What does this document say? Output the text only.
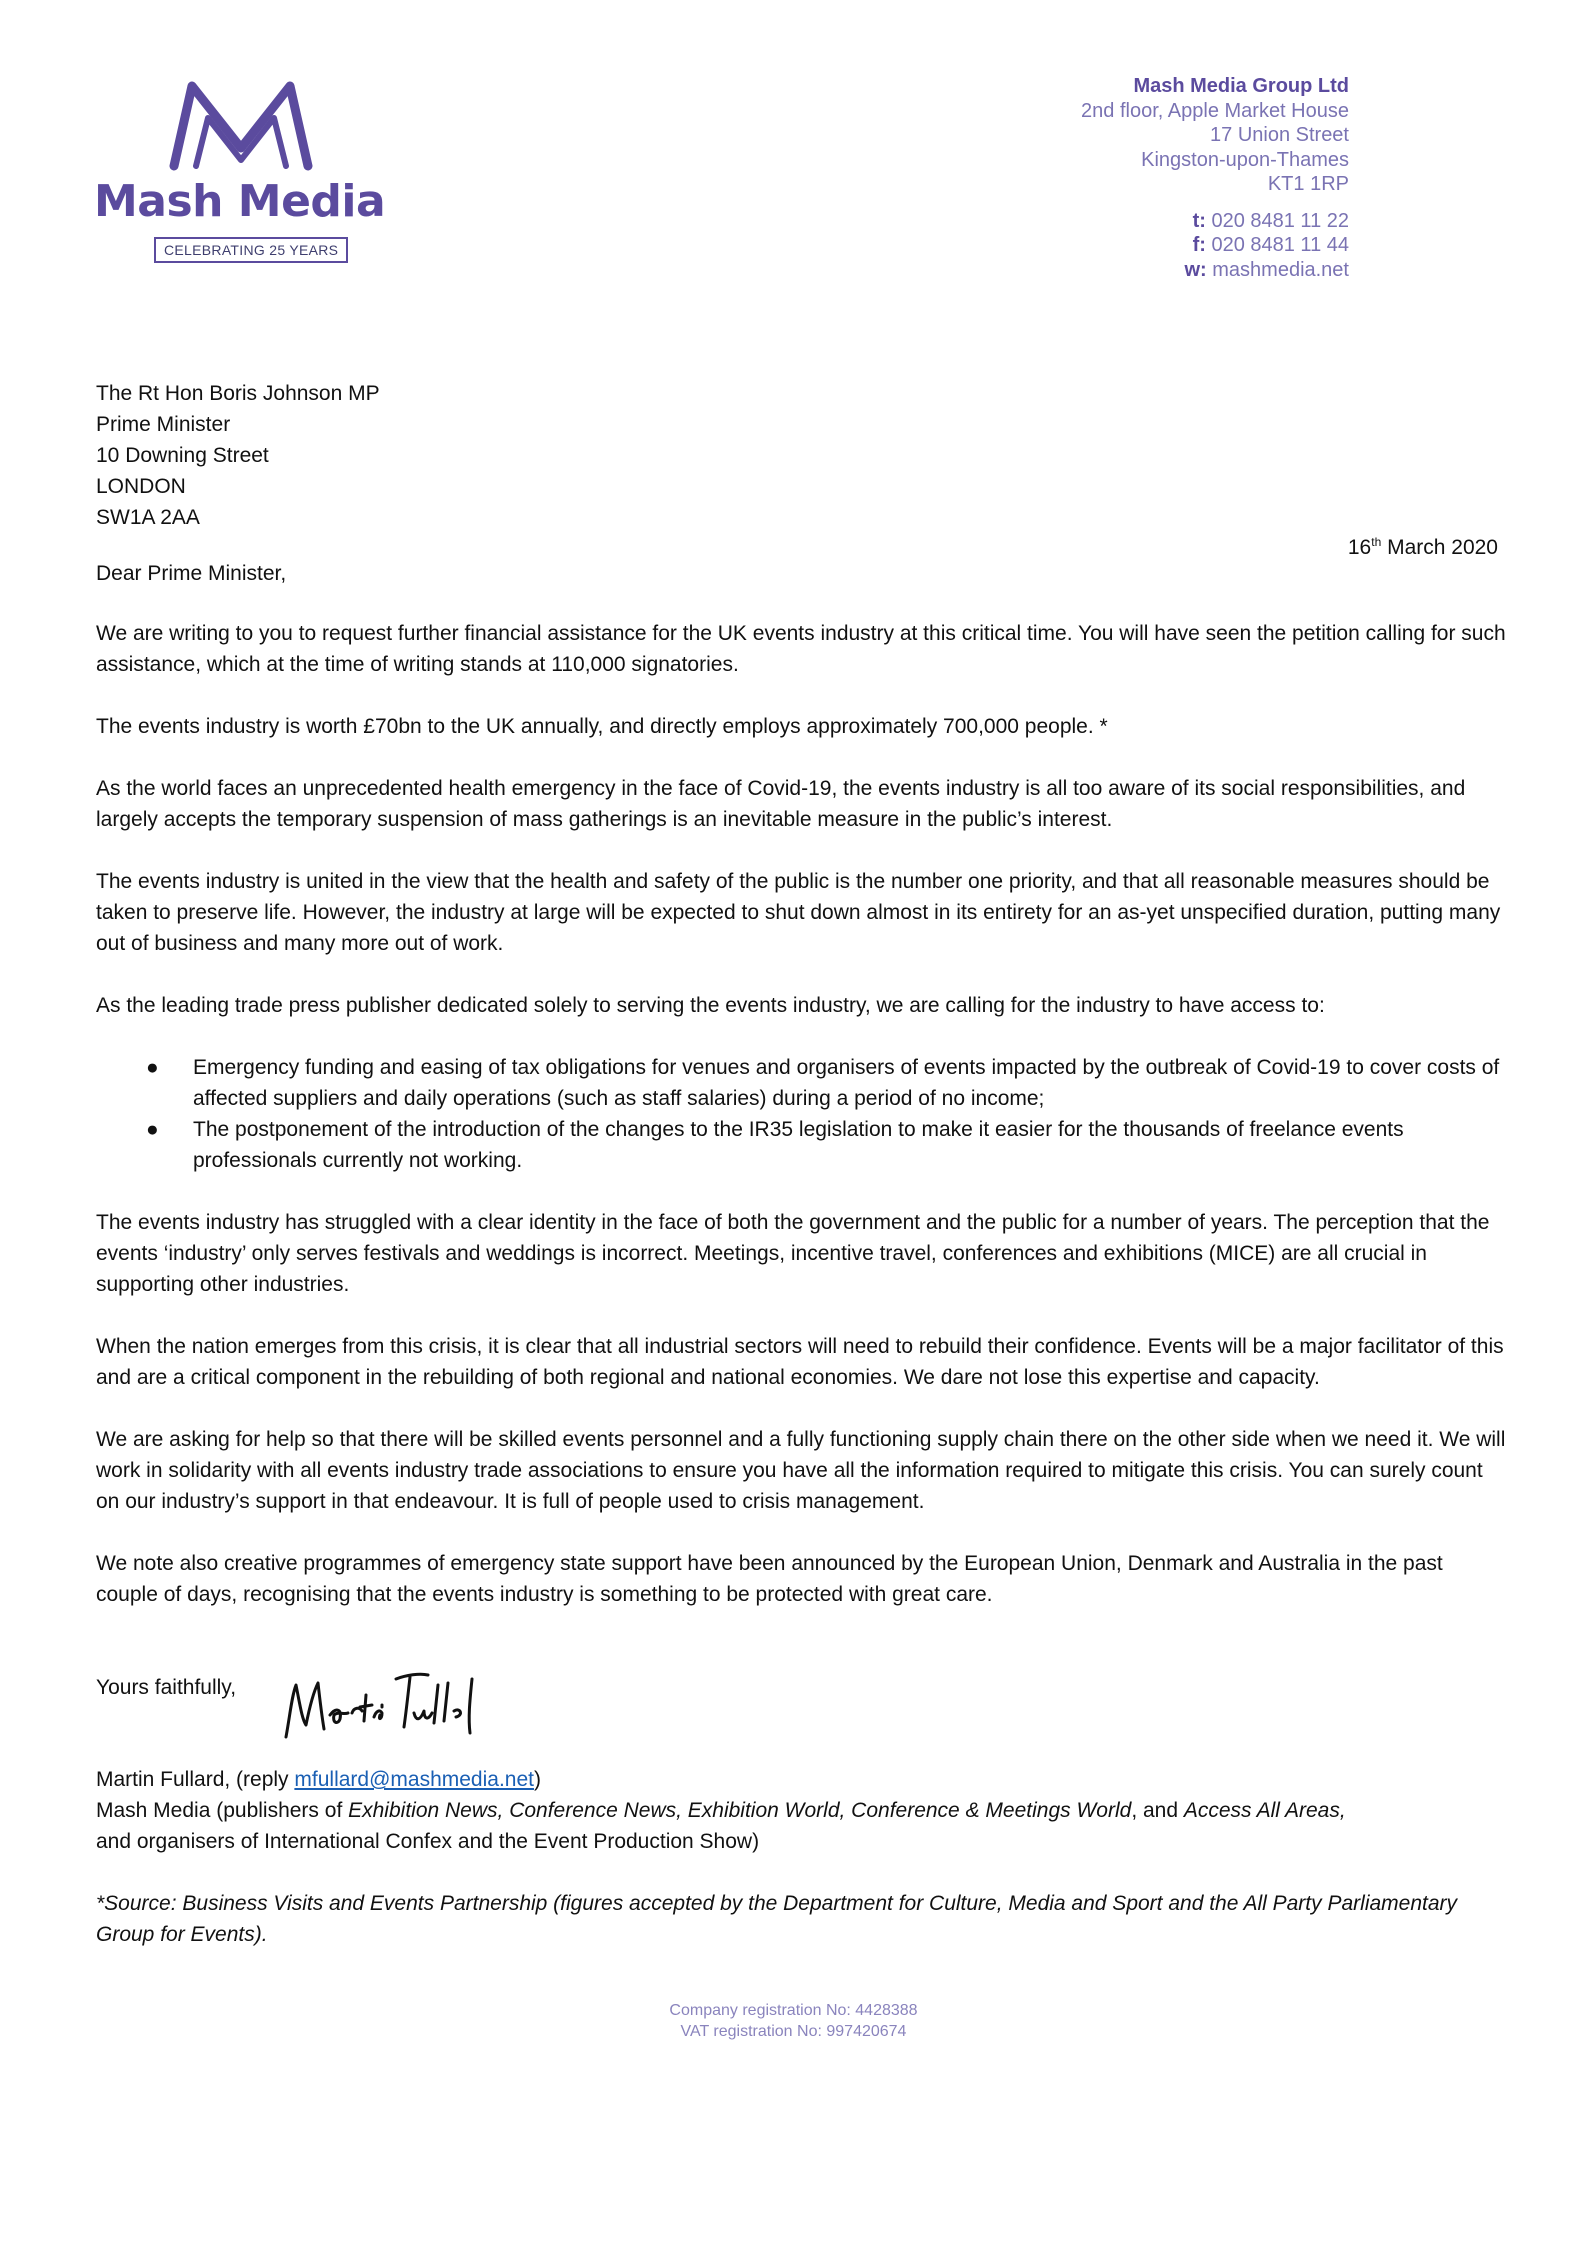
Mash Media
CELEBRATING 25 YEARS
Mash Media Group Ltd
2nd floor, Apple Market House
17 Union Street
Kingston-upon-Thames
KT1 1RP
t: 020 8481 11 22
f: 020 8481 11 44
w: mashmedia.net
The Rt Hon Boris Johnson MP
Prime Minister
10 Downing Street
LONDON
SW1A 2AA
16th March 2020
Dear Prime Minister,

We are writing to you to request further financial assistance for the UK events industry at this critical time. You will have seen the petition calling for such assistance, which at the time of writing stands at 110,000 signatories.

The events industry is worth £70bn to the UK annually, and directly employs approximately 700,000 people. *

As the world faces an unprecedented health emergency in the face of Covid-19, the events industry is all too aware of its social responsibilities, and largely accepts the temporary suspension of mass gatherings is an inevitable measure in the public’s interest.

The events industry is united in the view that the health and safety of the public is the number one priority, and that all reasonable measures should be taken to preserve life. However, the industry at large will be expected to shut down almost in its entirety for an as-yet unspecified duration, putting many out of business and many more out of work.

As the leading trade press publisher dedicated solely to serving the events industry, we are calling for the industry to have access to:

● Emergency funding and easing of tax obligations for venues and organisers of events impacted by the outbreak of Covid-19 to cover costs of affected suppliers and daily operations (such as staff salaries) during a period of no income;
● The postponement of the introduction of the changes to the IR35 legislation to make it easier for the thousands of freelance events professionals currently not working.

The events industry has struggled with a clear identity in the face of both the government and the public for a number of years. The perception that the events ‘industry’ only serves festivals and weddings is incorrect. Meetings, incentive travel, conferences and exhibitions (MICE) are all crucial in supporting other industries.

When the nation emerges from this crisis, it is clear that all industrial sectors will need to rebuild their confidence. Events will be a major facilitator of this and are a critical component in the rebuilding of both regional and national economies. We dare not lose this expertise and capacity.

We are asking for help so that there will be skilled events personnel and a fully functioning supply chain there on the other side when we need it. We will work in solidarity with all events industry trade associations to ensure you have all the information required to mitigate this crisis. You can surely count on our industry’s support in that endeavour. It is full of people used to crisis management.

We note also creative programmes of emergency state support have been announced by the European Union, Denmark and Australia in the past couple of days, recognising that the events industry is something to be protected with great care.

Yours faithfully,
Martin Fullard, (reply mfullard@mashmedia.net)
Mash Media (publishers of Exhibition News, Conference News, Exhibition World, Conference & Meetings World, and Access All Areas,
and organisers of International Confex and the Event Production Show)
*Source: Business Visits and Events Partnership (figures accepted by the Department for Culture, Media and Sport and the All Party Parliamentary Group for Events).
Company registration No: 4428388
VAT registration No: 997420674
